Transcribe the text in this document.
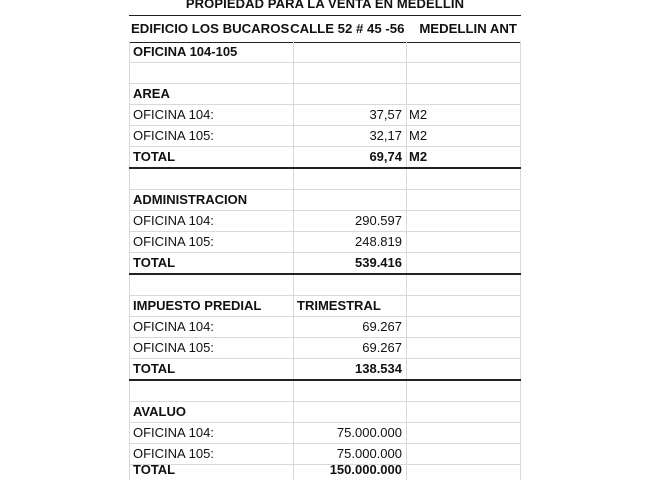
PROPIEDAD PARA LA VENTA EN MEDELLIN
EDIFICIO LOS BUCAROS CALLE 52 # 45 -56	MEDELLIN ANT
OFICINA 104-105
AREA
OFICINA 104:	37,57 M2
OFICINA 105:	32,17 M2
TOTAL	69,74 M2
ADMINISTRACION
OFICINA 104:	290.597
OFICINA 105:	248.819
TOTAL	539.416
IMPUESTO PREDIAL	TRIMESTRAL
OFICINA 104:	69.267
OFICINA 105:	69.267
TOTAL	138.534
AVALUO
OFICINA 104:	75.000.000
OFICINA 105:	75.000.000
TOTAL	150.000.000
